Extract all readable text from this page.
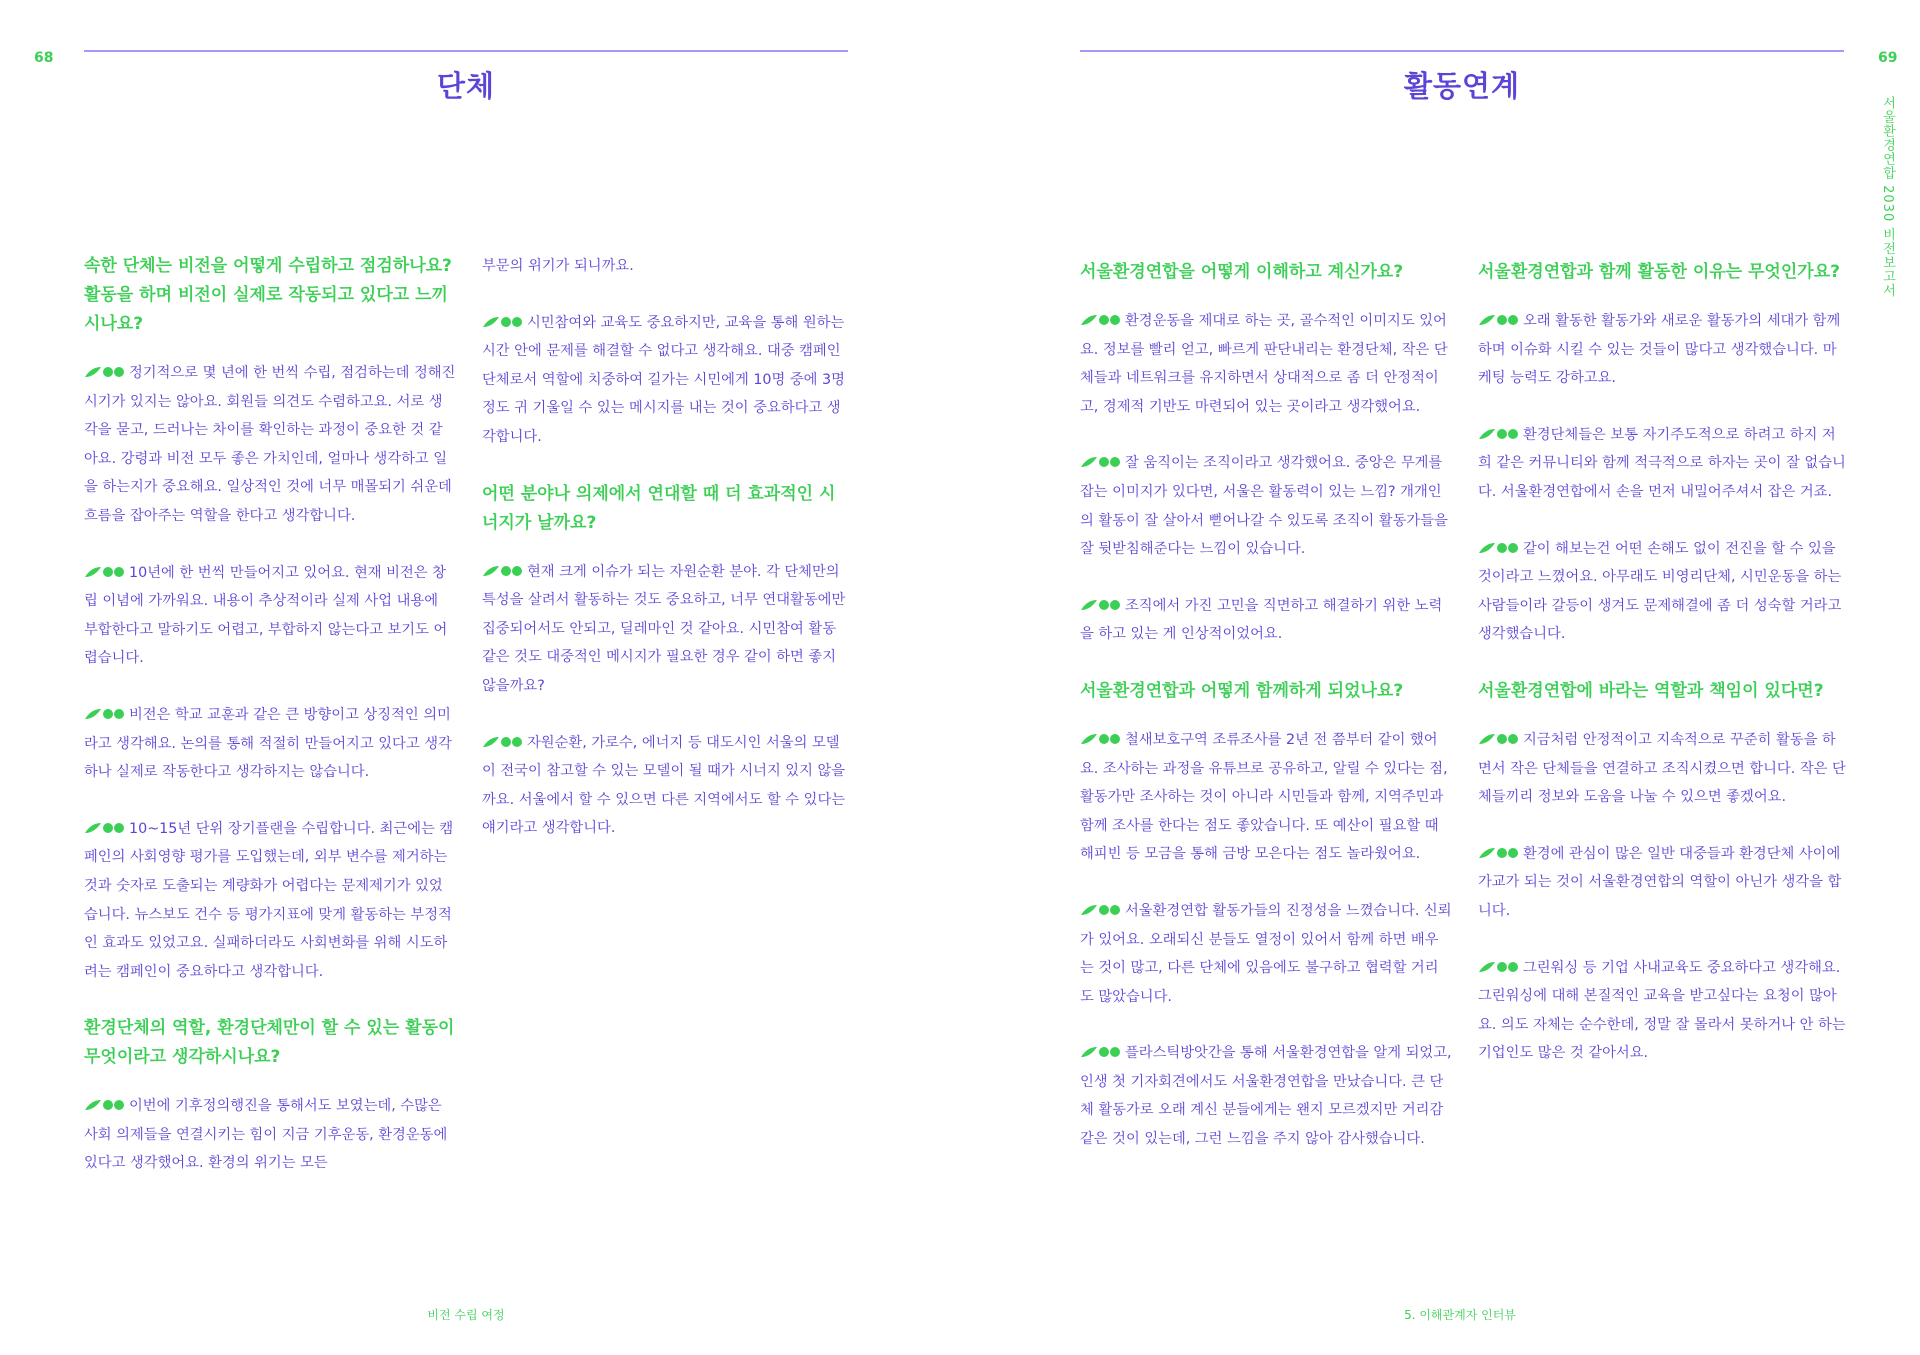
68
단체

속한 단체는 비전을 어떻게 수립하고 점검하나요? 활동을 하며 비전이 실제로 작동되고 있다고 느끼시나요?

정기적으로 몇 년에 한 번씩 수립, 점검하는데 정해진 시기가 있지는 않아요. 회원들 의견도 수렴하고요. 서로 생각을 묻고, 드러나는 차이를 확인하는 과정이 중요한 것 같아요. 강령과 비전 모두 좋은 가치인데, 얼마나 생각하고 일을 하는지가 중요해요. 일상적인 것에 너무 매몰되기 쉬운데 흐름을 잡아주는 역할을 한다고 생각합니다.

10년에 한 번씩 만들어지고 있어요. 현재 비전은 창립 이념에 가까워요. 내용이 추상적이라 실제 사업 내용에 부합한다고 말하기도 어렵고, 부합하지 않는다고 보기도 어렵습니다.

비전은 학교 교훈과 같은 큰 방향이고 상징적인 의미라고 생각해요. 논의를 통해 적절히 만들어지고 있다고 생각하나 실제로 작동한다고 생각하지는 않습니다.

10~15년 단위 장기플랜을 수립합니다. 최근에는 캠페인의 사회영향 평가를 도입했는데, 외부 변수를 제거하는 것과 숫자로 도출되는 계량화가 어렵다는 문제제기가 있었습니다. 뉴스보도 건수 등 평가지표에 맞게 활동하는 부정적인 효과도 있었고요. 실패하더라도 사회변화를 위해 시도하려는 캠페인이 중요하다고 생각합니다.

환경단체의 역할, 환경단체만이 할 수 있는 활동이 무엇이라고 생각하시나요?

이번에 기후정의행진을 통해서도 보였는데, 수많은 사회 의제들을 연결시키는 힘이 지금 기후운동, 환경운동에 있다고 생각했어요. 환경의 위기는 모든

부문의 위기가 되니까요.

시민참여와 교육도 중요하지만, 교육을 통해 원하는 시간 안에 문제를 해결할 수 없다고 생각해요. 대중 캠페인 단체로서 역할에 치중하여 길가는 시민에게 10명 중에 3명 정도 귀 기울일 수 있는 메시지를 내는 것이 중요하다고 생각합니다.

어떤 분야나 의제에서 연대할 때 더 효과적인 시너지가 날까요?

현재 크게 이슈가 되는 자원순환 분야. 각 단체만의 특성을 살려서 활동하는 것도 중요하고, 너무 연대활동에만 집중되어서도 안되고, 딜레마인 것 같아요. 시민참여 활동 같은 것도 대중적인 메시지가 필요한 경우 같이 하면 좋지 않을까요?

자원순환, 가로수, 에너지 등 대도시인 서울의 모델이 전국이 참고할 수 있는 모델이 될 때가 시너지 있지 않을까요. 서울에서 할 수 있으면 다른 지역에서도 할 수 있다는 얘기라고 생각합니다.

비전 수립 여정
69
서울환경연합 2030 비전보고서
활동연계

서울환경연합을 어떻게 이해하고 계신가요?

환경운동을 제대로 하는 곳, 골수적인 이미지도 있어요. 정보를 빨리 얻고, 빠르게 판단내리는 환경단체, 작은 단체들과 네트워크를 유지하면서 상대적으로 좀 더 안정적이고, 경제적 기반도 마련되어 있는 곳이라고 생각했어요.

잘 움직이는 조직이라고 생각했어요. 중앙은 무게를 잡는 이미지가 있다면, 서울은 활동력이 있는 느낌? 개개인의 활동이 잘 살아서 뻗어나갈 수 있도록 조직이 활동가들을 잘 뒷받침해준다는 느낌이 있습니다.

조직에서 가진 고민을 직면하고 해결하기 위한 노력을 하고 있는 게 인상적이었어요.

서울환경연합과 어떻게 함께하게 되었나요?

철새보호구역 조류조사를 2년 전 쯤부터 같이 했어요. 조사하는 과정을 유튜브로 공유하고, 알릴 수 있다는 점, 활동가만 조사하는 것이 아니라 시민들과 함께, 지역주민과 함께 조사를 한다는 점도 좋았습니다. 또 예산이 필요할 때 해피빈 등 모금을 통해 금방 모은다는 점도 놀라웠어요.

서울환경연합 활동가들의 진정성을 느꼈습니다. 신뢰가 있어요. 오래되신 분들도 열정이 있어서 함께 하면 배우는 것이 많고, 다른 단체에 있음에도 불구하고 협력할 거리도 많았습니다.

플라스틱방앗간을 통해 서울환경연합을 알게 되었고, 인생 첫 기자회견에서도 서울환경연합을 만났습니다. 큰 단체 활동가로 오래 계신 분들에게는 왠지 모르겠지만 거리감 같은 것이 있는데, 그런 느낌을 주지 않아 감사했습니다.

서울환경연합과 함께 활동한 이유는 무엇인가요?

오래 활동한 활동가와 새로운 활동가의 세대가 함께하며 이슈화 시킬 수 있는 것들이 많다고 생각했습니다. 마케팅 능력도 강하고요.

환경단체들은 보통 자기주도적으로 하려고 하지 저희 같은 커뮤니티와 함께 적극적으로 하자는 곳이 잘 없습니다. 서울환경연합에서 손을 먼저 내밀어주셔서 잡은 거죠.

같이 해보는건 어떤 손해도 없이 전진을 할 수 있을 것이라고 느꼈어요. 아무래도 비영리단체, 시민운동을 하는 사람들이라 갈등이 생겨도 문제해결에 좀 더 성숙할 거라고 생각했습니다.

서울환경연합에 바라는 역할과 책임이 있다면?

지금처럼 안정적이고 지속적으로 꾸준히 활동을 하면서 작은 단체들을 연결하고 조직시켰으면 합니다. 작은 단체들끼리 정보와 도움을 나눌 수 있으면 좋겠어요.

환경에 관심이 많은 일반 대중들과 환경단체 사이에 가교가 되는 것이 서울환경연합의 역할이 아닌가 생각을 합니다.

그린워싱 등 기업 사내교육도 중요하다고 생각해요. 그린워싱에 대해 본질적인 교육을 받고싶다는 요청이 많아요. 의도 자체는 순수한데, 정말 잘 몰라서 못하거나 안 하는 기업인도 많은 것 같아서요.

5. 이해관계자 인터뷰
